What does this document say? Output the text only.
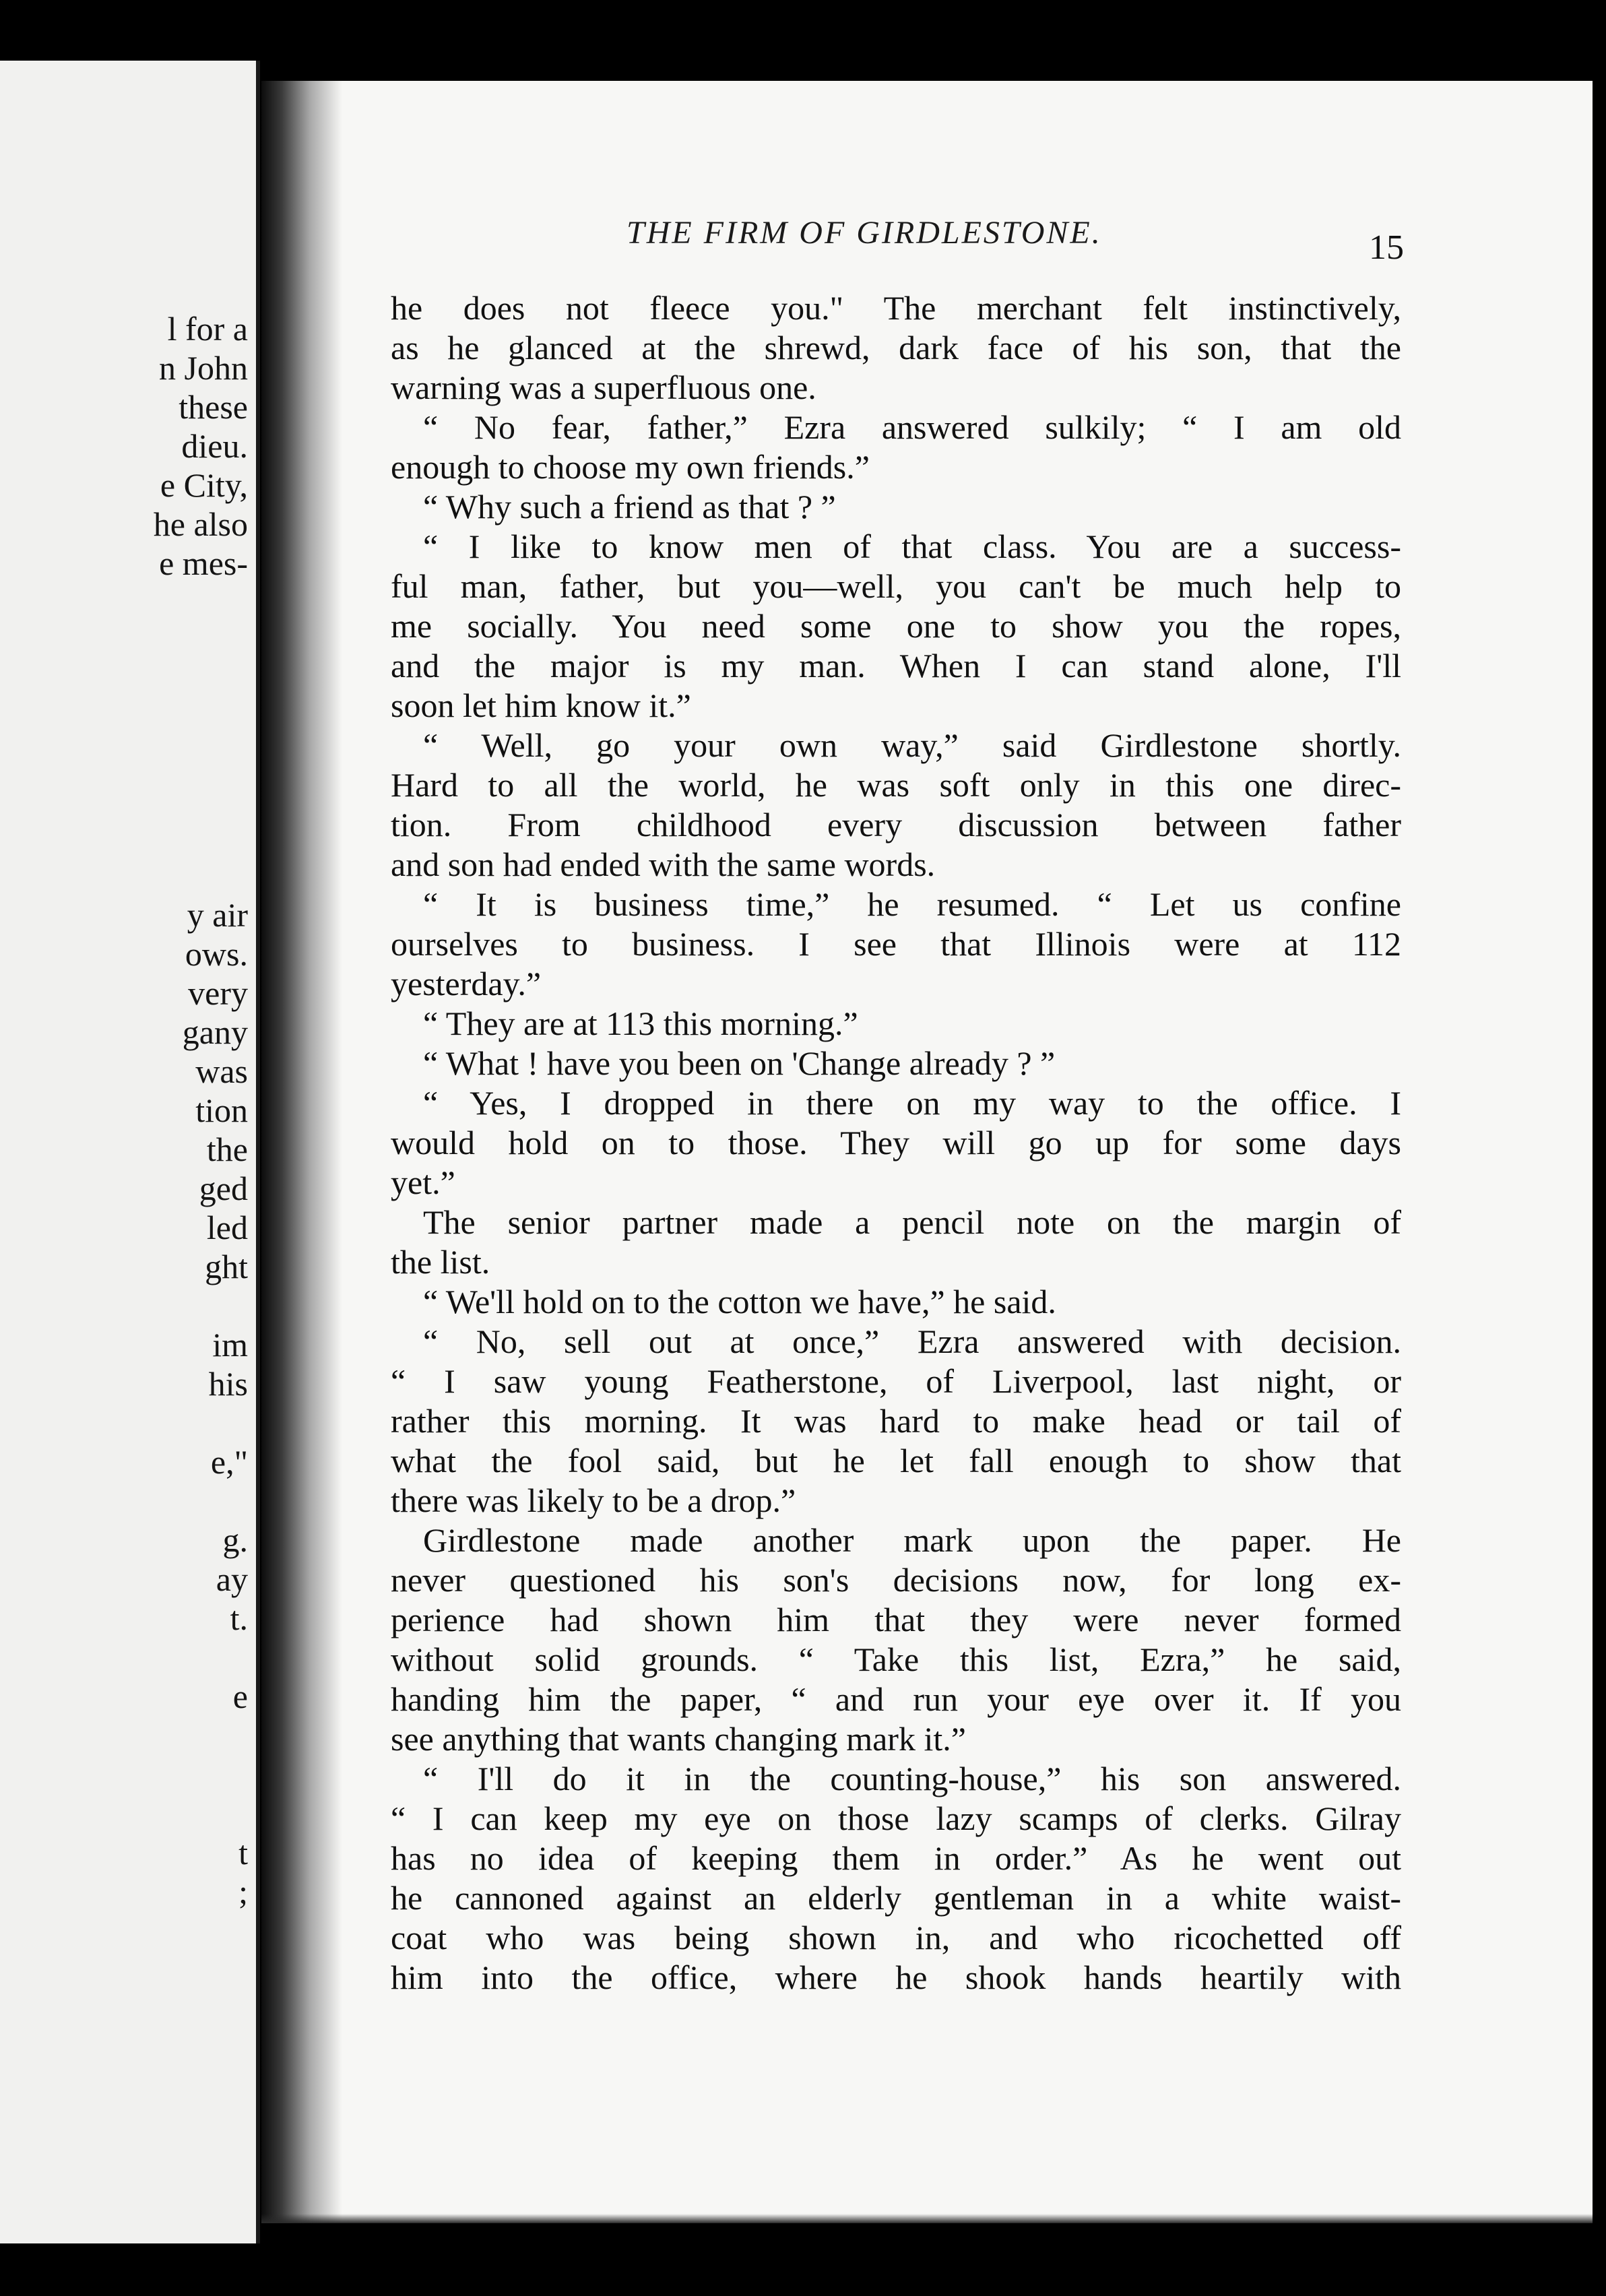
l for a

n John

these

dieu.

e City,

he also

e mes-

y air

ows.

very

gany

was

tion

the

ged

led

ght

im

his

e,"

g.

ay

t.

e

t

;

THE FIRM OF GIRDLESTONE.	15

he does not fleece you." The merchant felt instinctively,

as he glanced at the shrewd, dark face of his son, that the

warning was a superfluous one.

“ No fear, father,” Ezra answered sulkily; “ I am old

enough to choose my own friends.”

“ Why such a friend as that ? ”

“ I like to know men of that class. You are a success-

ful man, father, but you—well, you can't be much help to

me socially. You need some one to show you the ropes,

and the major is my man. When I can stand alone, I'll

soon let him know it.”

“ Well, go your own way,” said Girdlestone shortly.

Hard to all the world, he was soft only in this one direc-

tion. From childhood every discussion between father

and son had ended with the same words.

“ It is business time,” he resumed. “ Let us confine

ourselves to business. I see that Illinois were at 112

yesterday.”

“ They are at 113 this morning.”

“ What ! have you been on 'Change already ? ”

“ Yes, I dropped in there on my way to the office. I

would hold on to those. They will go up for some days

yet.”

The senior partner made a pencil note on the margin of

the list.

“ We'll hold on to the cotton we have,” he said.

“ No, sell out at once,” Ezra answered with decision.

“ I saw young Featherstone, of Liverpool, last night, or

rather this morning. It was hard to make head or tail of

what the fool said, but he let fall enough to show that

there was likely to be a drop.”

Girdlestone made another mark upon the paper. He

never questioned his son's decisions now, for long ex-

perience had shown him that they were never formed

without solid grounds. “ Take this list, Ezra,” he said,

handing him the paper, “ and run your eye over it. If you

see anything that wants changing mark it.”

“ I'll do it in the counting-house,” his son answered.

“ I can keep my eye on those lazy scamps of clerks. Gilray

has no idea of keeping them in order.” As he went out

he cannoned against an elderly gentleman in a white waist-

coat who was being shown in, and who ricochetted off

him into the office, where he shook hands heartily with
